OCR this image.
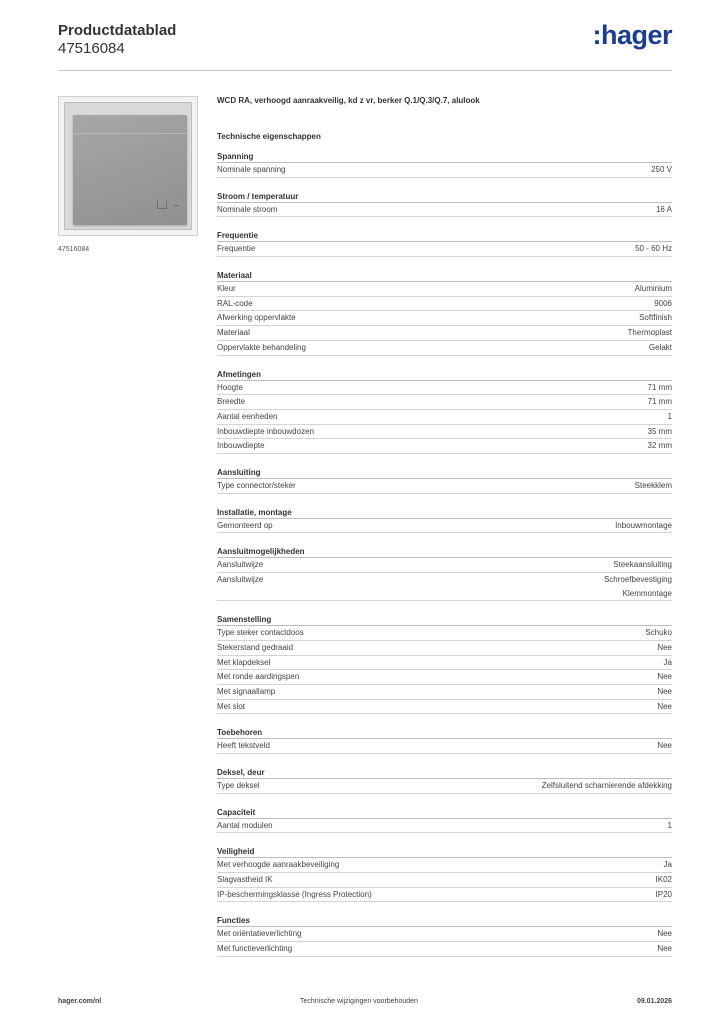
Productdatablad
47516084	:hager
47516084
WCD RA, verhoogd aanraakveilig, kd z vr, berker Q.1/Q.3/Q.7, alulook
Technische eigenschappen
Spanning
Nominale spanning	250 V
Stroom / temperatuur
Nominale stroom	16 A
Frequentie
Frequentie	50 - 60 Hz
Materiaal
Kleur	Aluminium
RAL-code	9006
Afwerking oppervlakte	Softfinish
Materiaal	Thermoplast
Oppervlakte behandeling	Gelakt
Afmetingen
Hoogte	71 mm
Breedte	71 mm
Aantal eenheden	1
Inbouwdiepte inbouwdozen	35 mm
Inbouwdiepte	32 mm
Aansluiting
Type connector/steker	Steekklem
Installatie, montage
Gemonteerd op	Inbouwmontage
Aansluitmogelijkheden
Aansluitwijze	Steekaansluiting
Aansluitwijze	Schroefbevestiging
Klemmontage
Samenstelling
Type steker contactdoos	Schuko
Stekerstand gedraaid	Nee
Met klapdeksel	Ja
Met ronde aardingspen	Nee
Met signaallamp	Nee
Met slot	Nee
Toebehoren
Heeft tekstveld	Nee
Deksel, deur
Type deksel	Zelfsluitend scharnierende afdekking
Capaciteit
Aantal modulen	1
Veiligheid
Met verhoogde aanraakbeveiliging	Ja
Slagvastheid IK	IK02
IP-beschermingsklasse (Ingress Protection)	IP20
Functies
Met oriëntatieverlichting	Nee
Met functieverlichting	Nee
hager.com/nl	Technische wijzigingen voorbehouden	09.01.2026
